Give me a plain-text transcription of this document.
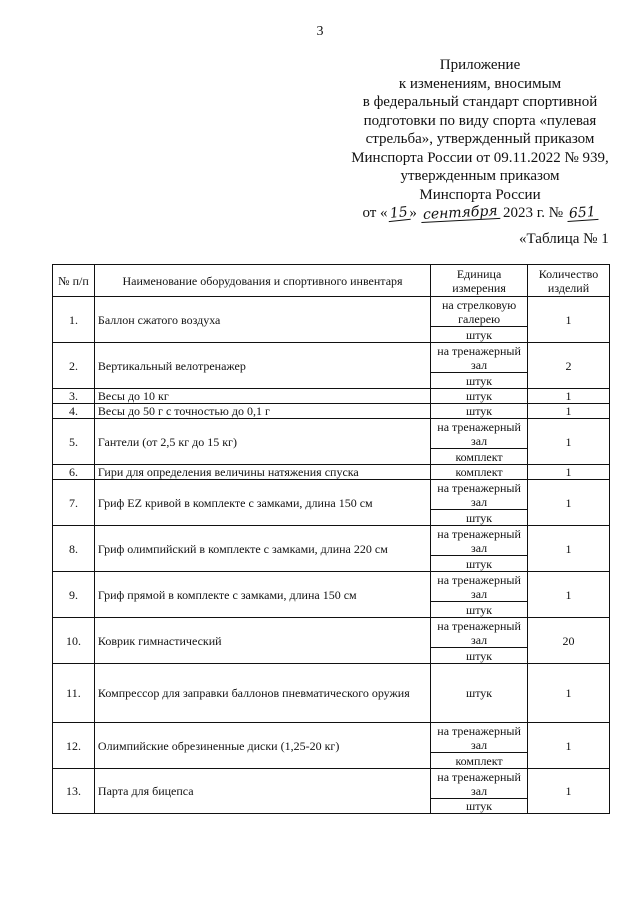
3
Приложение
к изменениям, вносимым
в федеральный стандарт спортивной
подготовки по виду спорта «пулевая
стрельба», утвержденный приказом
Минспорта России от 09.11.2022 № 939,
утвержденным приказом
Минспорта России
от «15» сентября 2023 г. № 651
«Таблица № 1
№ п/п	Наименование оборудования и спортивного инвентаря	Единица измерения	Количество изделий
1.	Баллон сжатого воздуха	на стрелковую галерею	1
		штук	
2.	Вертикальный велотренажер	на тренажерный зал	2
		штук	
3.	Весы до 10 кг	штук	1
4.	Весы до 50 г с точностью до 0,1 г	штук	1
5.	Гантели (от 2,5 кг до 15 кг)	на тренажерный зал	1
		комплект	
6.	Гири для определения величины натяжения спуска	комплект	1
7.	Гриф EZ кривой в комплекте с замками, длина 150 см	на тренажерный зал	1
		штук	
8.	Гриф олимпийский в комплекте с замками, длина 220 см	на тренажерный зал	1
		штук	
9.	Гриф прямой в комплекте с замками, длина 150 см	на тренажерный зал	1
		штук	
10.	Коврик гимнастический	на тренажерный зал	20
		штук	
11.	Компрессор для заправки баллонов пневматического оружия	штук	1
12.	Олимпийские обрезиненные диски (1,25-20 кг)	на тренажерный зал	1
		комплект	
13.	Парта для бицепса	на тренажерный зал	1
		штук	
